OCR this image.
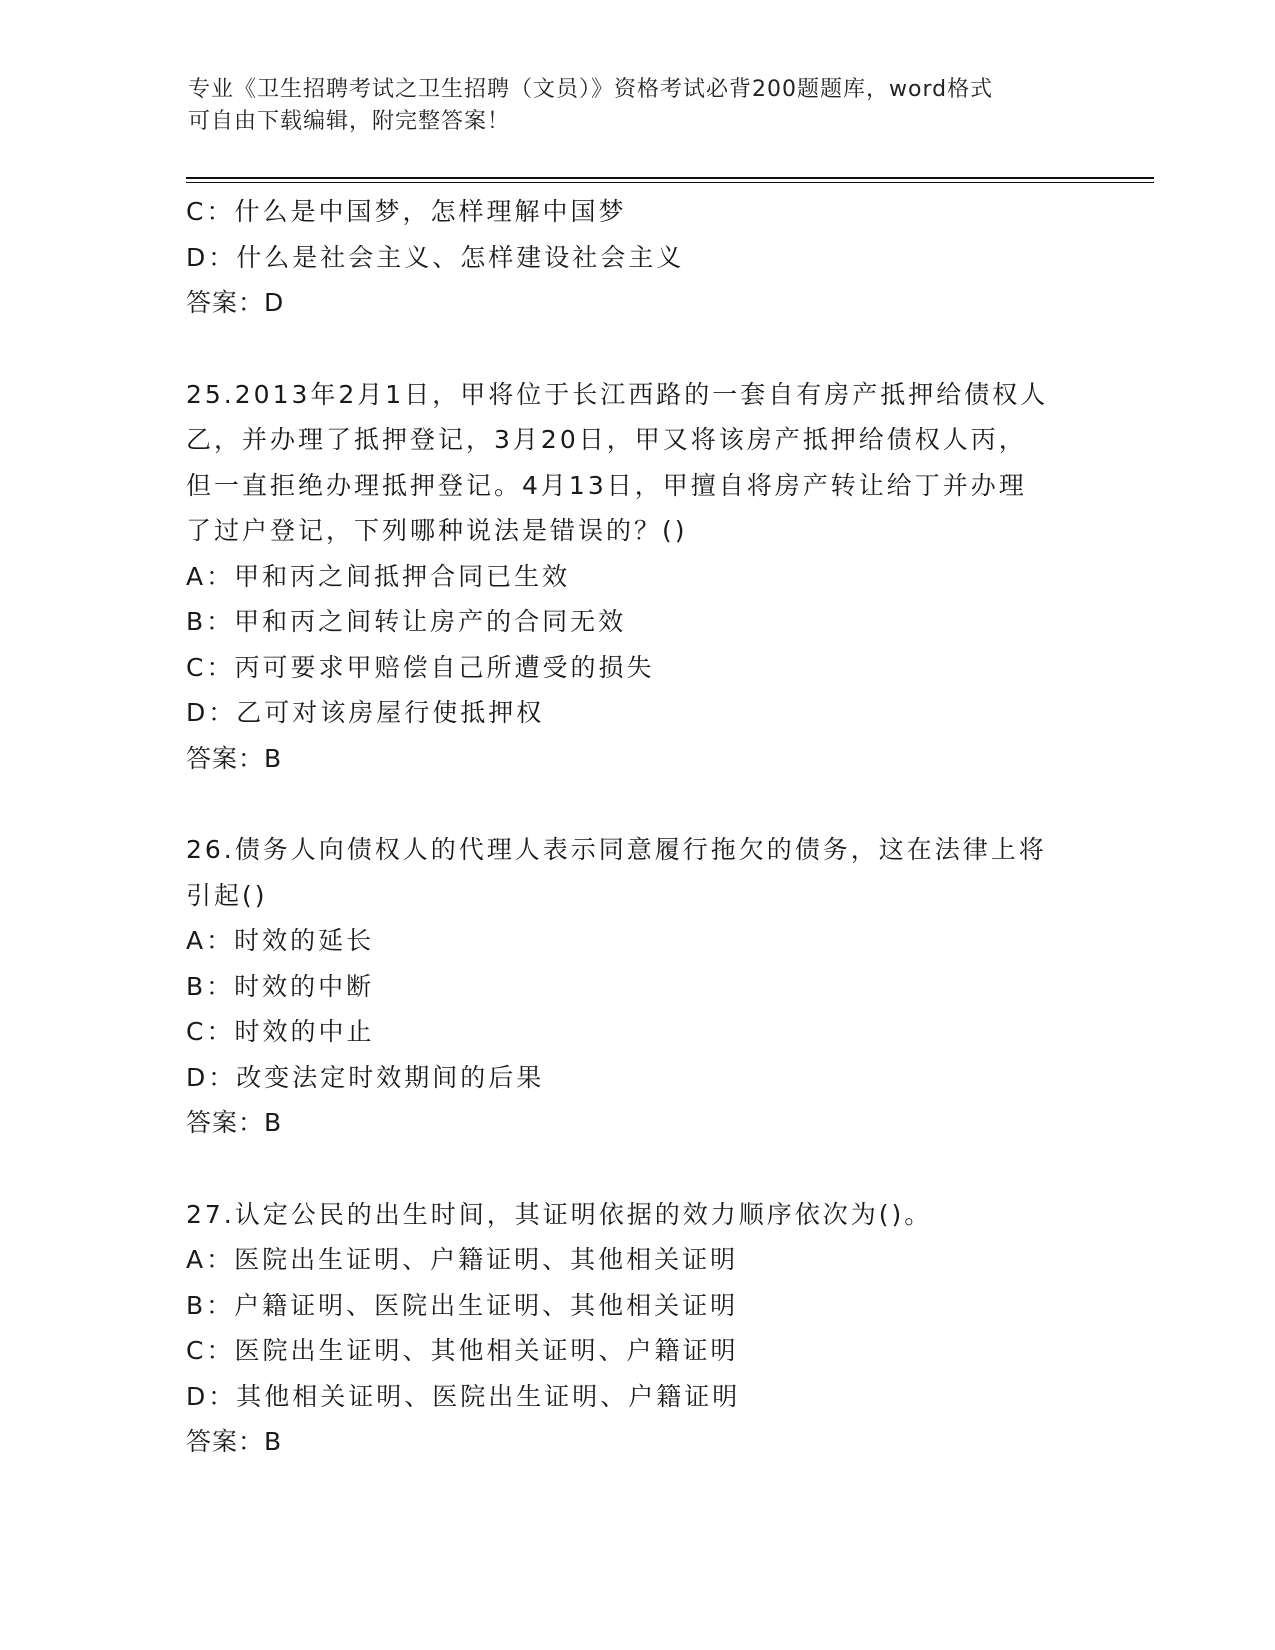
专业《卫生招聘考试之卫生招聘（文员）》资格考试必背200题题库，word格式
可自由下载编辑，附完整答案！
C：什么是中国梦，怎样理解中国梦
D：什么是社会主义、怎样建设社会主义
答案：D
25.2013年2月1日，甲将位于长江西路的一套自有房产抵押给债权人
乙，并办理了抵押登记，3月20日，甲又将该房产抵押给债权人丙，
但一直拒绝办理抵押登记。4月13日，甲擅自将房产转让给丁并办理
了过户登记，下列哪种说法是错误的？()
A：甲和丙之间抵押合同已生效
B：甲和丙之间转让房产的合同无效
C：丙可要求甲赔偿自己所遭受的损失
D：乙可对该房屋行使抵押权
答案：B
26.债务人向债权人的代理人表示同意履行拖欠的债务，这在法律上将
引起()
A：时效的延长
B：时效的中断
C：时效的中止
D：改变法定时效期间的后果
答案：B
27.认定公民的出生时间，其证明依据的效力顺序依次为()。
A：医院出生证明、户籍证明、其他相关证明
B：户籍证明、医院出生证明、其他相关证明
C：医院出生证明、其他相关证明、户籍证明
D：其他相关证明、医院出生证明、户籍证明
答案：B
